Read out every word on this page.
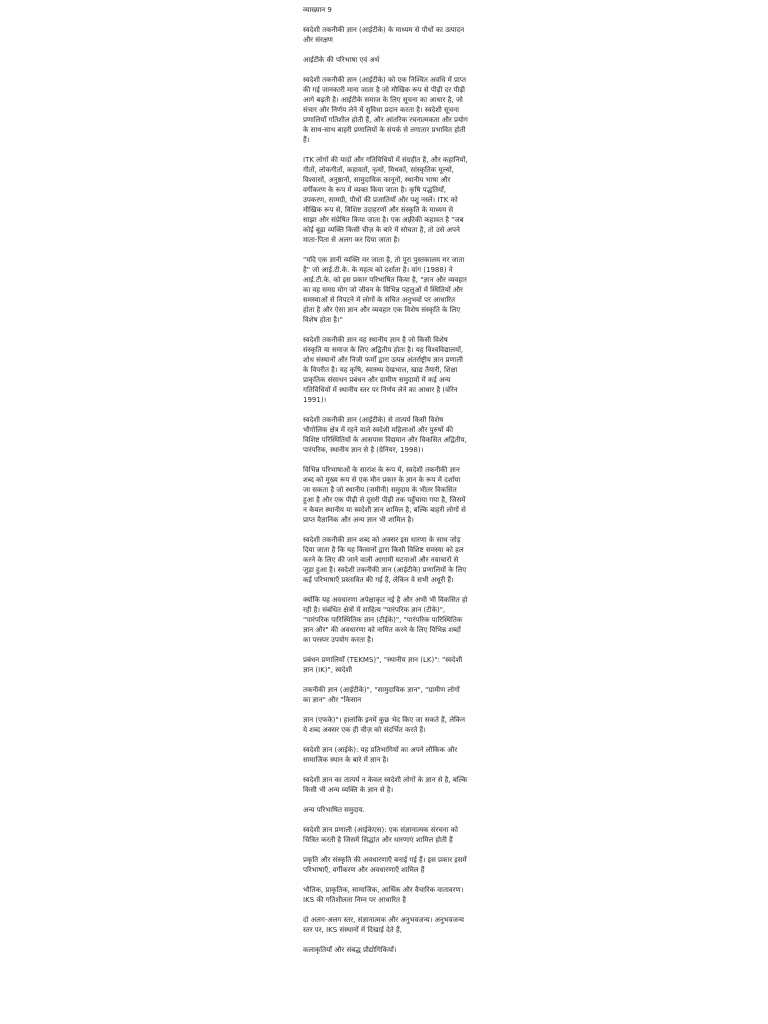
व्याख्यान 9

स्वदेशी तकनीकी ज्ञान (आईटीके) के माध्यम से पौधों का उत्पादन और संरक्षण

आईटीके की परिभाषा एवं अर्थ

स्वदेशी तकनीकी ज्ञान (आईटीके) को एक निश्चित अवधि में प्राप्त की गई जानकारी माना जाता है जो मौखिक रूप से पीढ़ी दर पीढ़ी आगे बढ़ती है। आईटीके समाज के लिए सूचना का आधार है, जो संचार और निर्णय लेने में सुविधा प्रदान करता है। स्वदेशी सूचना प्रणालियाँ गतिशील होती हैं, और आंतरिक रचनात्मकता और प्रयोग के साथ-साथ बाहरी प्रणालियों के संपर्क से लगातार प्रभावित होती हैं।

ITK लोगों की यादों और गतिविधियों में संग्रहीत है, और कहानियों, गीतों, लोकगीतों, कहावतों, नृत्यों, मिथकों, सांस्कृतिक मूल्यों, विश्वासों, अनुष्ठानों, सामुदायिक कानूनों, स्थानीय भाषा और वर्गीकरण के रूप में व्यक्त किया जाता है। कृषि पद्धतियाँ, उपकरण, सामग्री, पौधों की प्रजातियाँ और पशु नस्लें। ITK को मौखिक रूप से, विशिष्ट उदाहरणों और संस्कृति के माध्यम से साझा और संप्रेषित किया जाता है। एक अफ़्रीकी कहावत है "जब कोई बूढ़ा व्यक्ति किसी चीज़ के बारे में सोचता है, तो उसे अपने माता-पिता से अलग कर दिया जाता है।

"यदि एक ज्ञानी व्यक्ति मर जाता है, तो पूरा पुस्तकालय मर जाता है" जो आई.टी.के. के महत्व को दर्शाता है। वांग (1988) ने आई.टी.के. को इस प्रकार परिभाषित किया है, "ज्ञान और व्यवहार का वह समग्र योग जो जीवन के विभिन्न पहलुओं में स्थितियों और समस्याओं से निपटने में लोगों के संचित अनुभवों पर आधारित होता है और ऐसा ज्ञान और व्यवहार एक विशेष संस्कृति के लिए विशेष होता है।"

स्वदेशी तकनीकी ज्ञान वह स्थानीय ज्ञान है जो किसी विशेष संस्कृति या समाज के लिए अद्वितीय होता है। यह विश्वविद्यालयों, शोध संस्थानों और निजी फर्मों द्वारा उत्पन्न अंतर्राष्ट्रीय ज्ञान प्रणाली के विपरीत है। यह कृषि, स्वास्थ्य देखभाल, खाद्य तैयारी, शिक्षा प्राकृतिक संसाधन प्रबंधन और ग्रामीण समुदायों में कई अन्य गतिविधियों में स्थानीय स्तर पर निर्णय लेने का आधार है (वॉरेन 1991)।

स्वदेशी तकनीकी ज्ञान (आईटीके) से तात्पर्य किसी विशेष भौगोलिक क्षेत्र में रहने वाले स्वदेशी महिलाओं और पुरुषों की विशिष्ट परिस्थितियों के आसपास विद्यमान और विकसित अद्वितीय, पारंपरिक, स्थानीय ज्ञान से है (ग्रेनियर, 1998)।

विभिन्न परिभाषाओं के सारांश के रूप में, स्वदेशी तकनीकी ज्ञान शब्द को मुख्य रूप से एक मौन प्रकार के ज्ञान के रूप में दर्शाया जा सकता है जो स्थानीय (जमीनी) समुदाय के भीतर विकसित हुआ है और एक पीढ़ी से दूसरी पीढ़ी तक पहुँचाया गया है, जिसमें न केवल स्थानीय या स्वदेशी ज्ञान शामिल है, बल्कि बाहरी लोगों से प्राप्त वैज्ञानिक और अन्य ज्ञान भी शामिल है।

स्वदेशी तकनीकी ज्ञान शब्द को अक्सर इस धारणा के साथ जोड़ दिया जाता है कि यह किसानों द्वारा किसी विशिष्ट समस्या को हल करने के लिए की जाने वाली आगामी घटनाओं और नवाचारों से जुड़ा हुआ है। स्वदेशी तकनीकी ज्ञान (आईटीके) प्रणालियों के लिए कई परिभाषाएँ प्रस्तावित की गई हैं, लेकिन वे सभी अधूरी हैं।

क्योंकि यह अवधारणा अपेक्षाकृत नई है और अभी भी विकसित हो रही है। संबंधित क्षेत्रों में साहित्य "पारंपरिक ज्ञान (टीके)", "पारंपरिक पारिस्थितिक ज्ञान (टीईके)", "पारंपरिक पारिस्थितिक ज्ञान और" की अवधारणा को नामित करने के लिए विभिन्न शब्दों का परस्पर उपयोग करता है।

प्रबंधन प्रणालियाँ (TEKMS)", "स्थानीय ज्ञान (LK)": "स्वदेशी ज्ञान (IK)", स्वदेशी

तकनीकी ज्ञान (आईटीके)", "सामुदायिक ज्ञान", "ग्रामीण लोगों का ज्ञान" और "किसान

ज्ञान (एफके)"। हालांकि इनमें कुछ भेद किए जा सकते हैं, लेकिन ये शब्द अक्सर एक ही चीज़ को संदर्भित करते हैं।

स्वदेशी ज्ञान (आईके): यह प्रतिभागियों का अपने लौकिक और सामाजिक स्थान के बारे में ज्ञान है।

स्वदेशी ज्ञान का तात्पर्य न केवल स्वदेशी लोगों के ज्ञान से है, बल्कि किसी भी अन्य व्यक्ति के ज्ञान से है।

अन्य परिभाषित समुदाय.

स्वदेशी ज्ञान प्रणाली (आईकेएस): एक संज्ञानात्मक संरचना को चित्रित करती है जिसमें सिद्धांत और धारणाएं शामिल होती हैं

प्रकृति और संस्कृति की अवधारणाएँ बनाई गई हैं। इस प्रकार इसमें परिभाषाएँ, वर्गीकरण और अवधारणाएँ शामिल हैं

भौतिक, प्राकृतिक, सामाजिक, आर्थिक और वैचारिक वातावरण। IKS की गतिशीलता निम्न पर आधारित है

दो अलग-अलग स्तर, संज्ञानात्मक और अनुभवजन्य। अनुभवजन्य स्तर पर, IKS संस्थानों में दिखाई देते हैं,

कलाकृतियाँ और संबद्ध प्रौद्योगिकियाँ।
